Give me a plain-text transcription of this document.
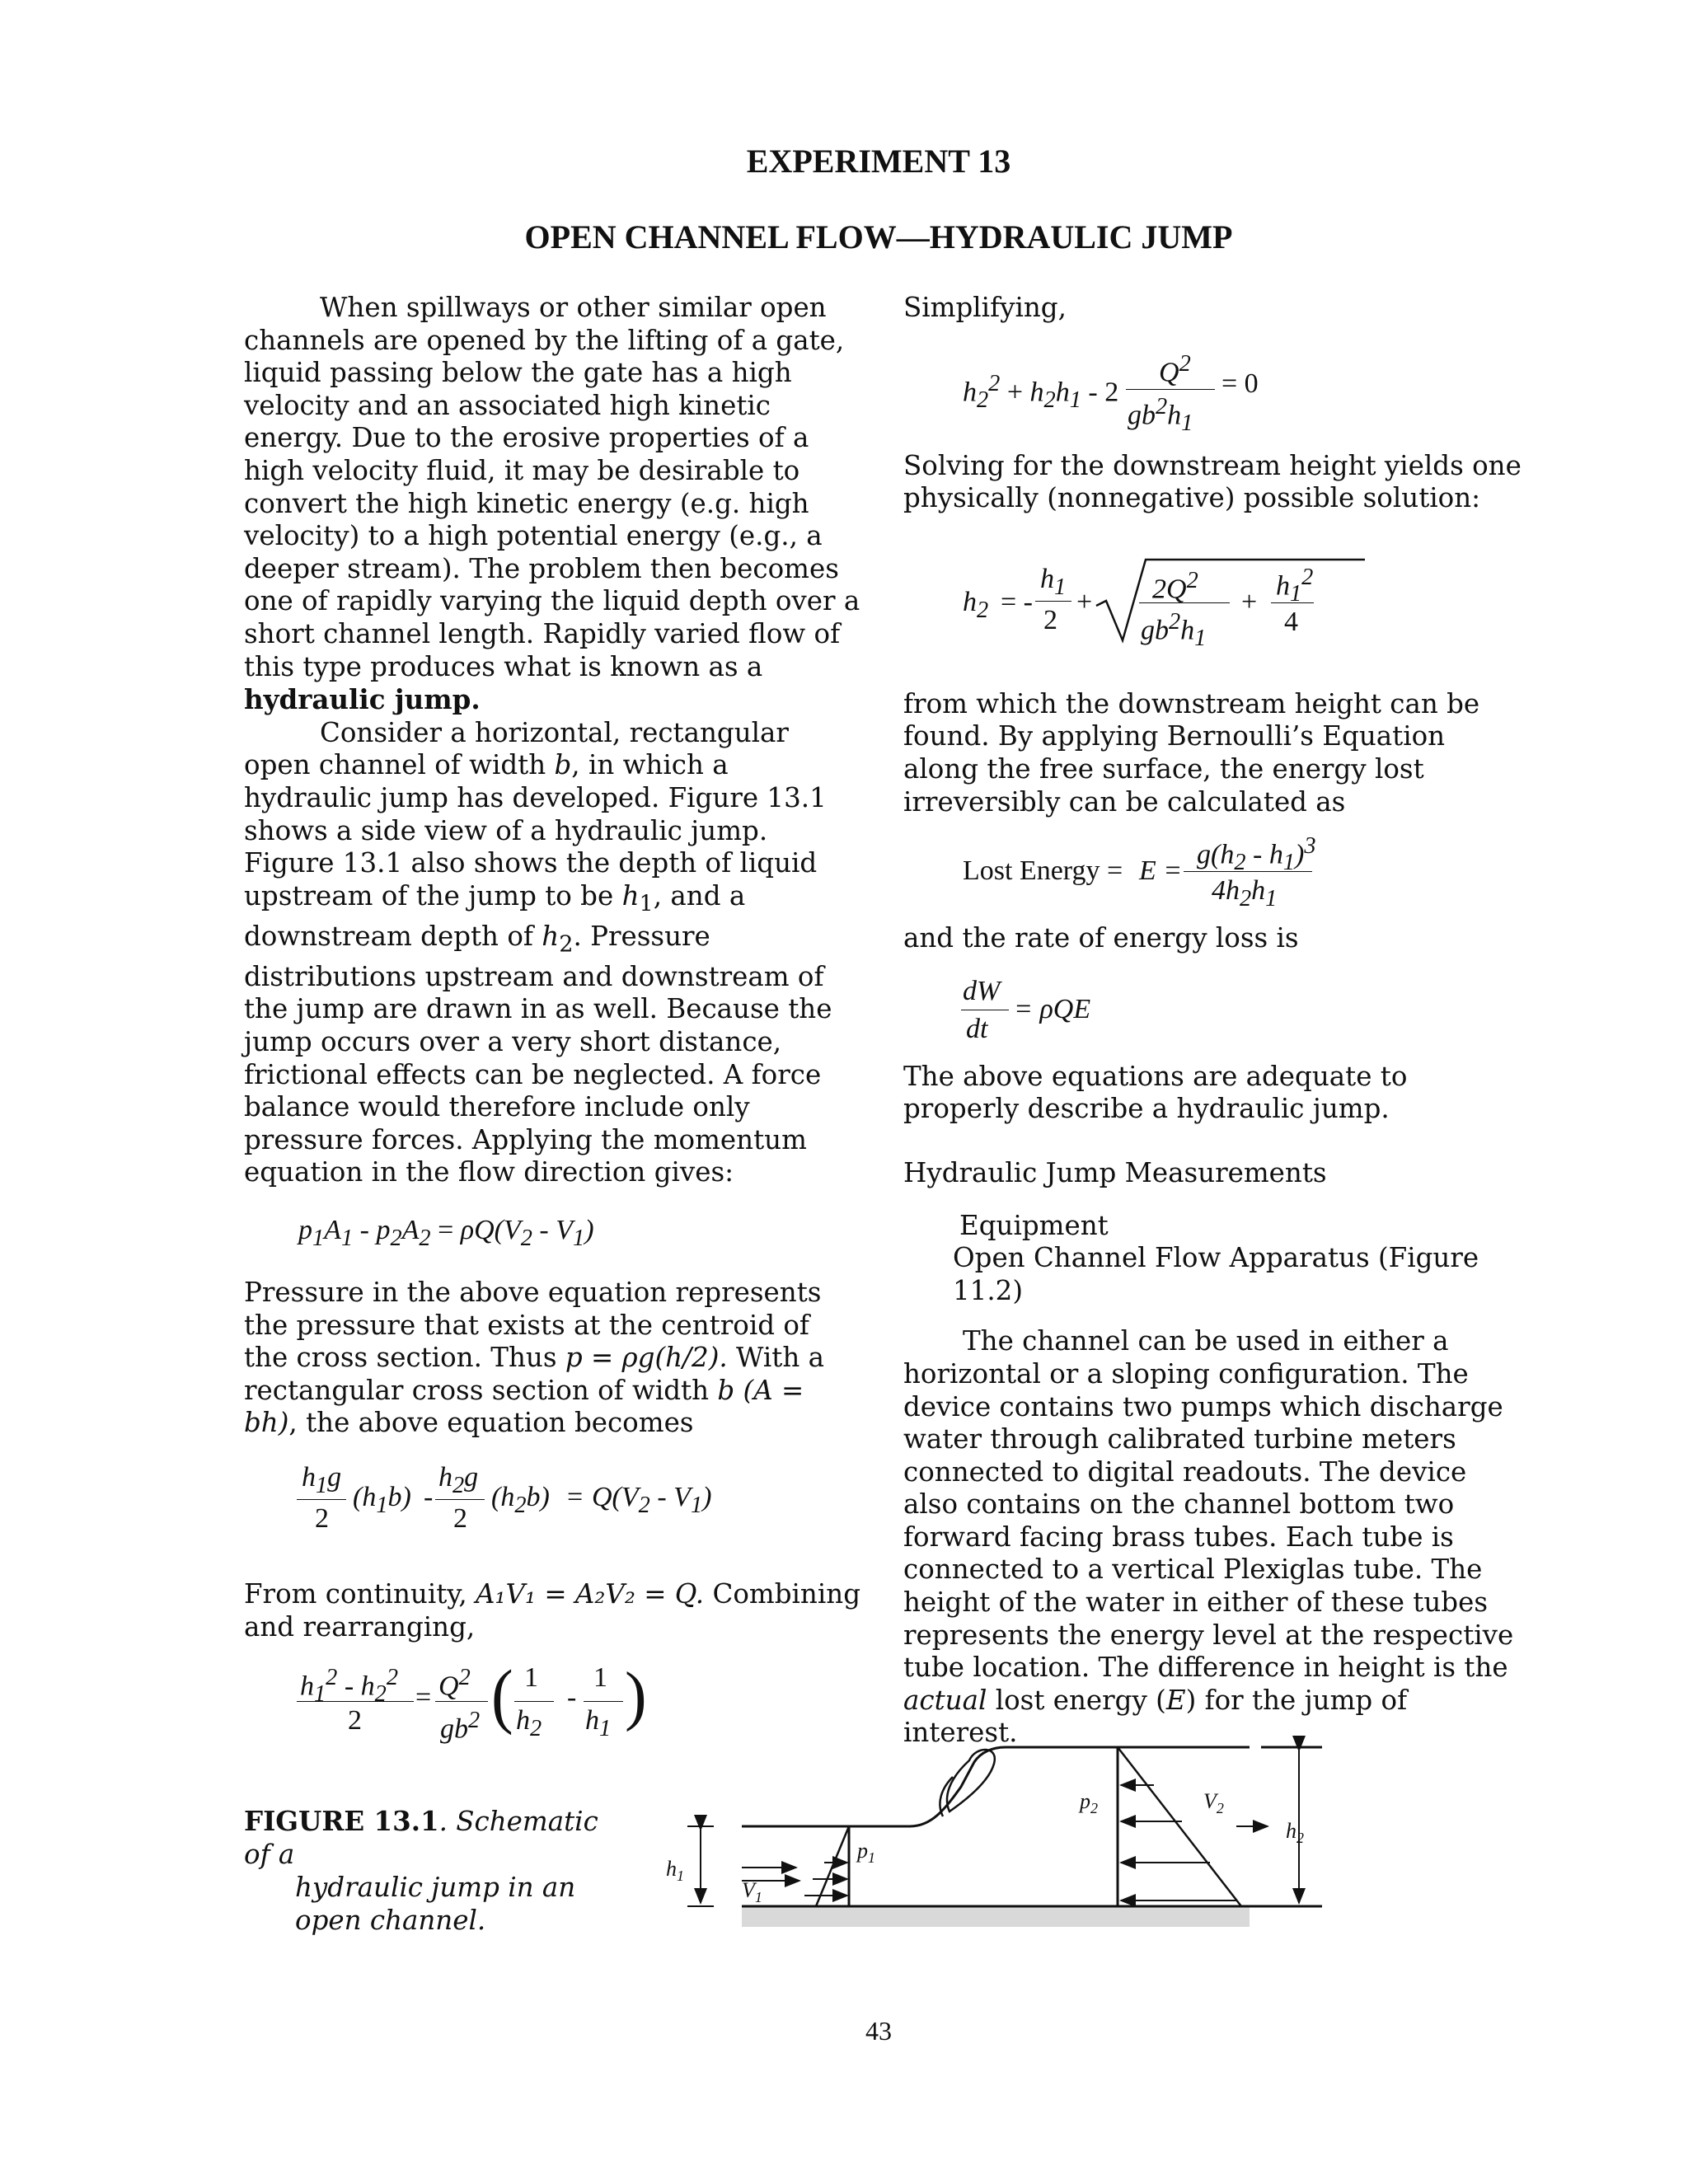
EXPERIMENT 13
OPEN CHANNEL FLOW—HYDRAULIC JUMP

When spillways or other similar open channels are opened by the lifting of a gate, liquid passing below the gate has a high velocity and an associated high kinetic energy. Due to the erosive properties of a high velocity fluid, it may be desirable to convert the high kinetic energy (e.g. high velocity) to a high potential energy (e.g., a deeper stream). The problem then becomes one of rapidly varying the liquid depth over a short channel length. Rapidly varied flow of this type produces what is known as a hydraulic jump.

Consider a horizontal, rectangular open channel of width b, in which a hydraulic jump has developed. Figure 13.1 shows a side view of a hydraulic jump. Figure 13.1 also shows the depth of liquid upstream of the jump to be $h_1$, and a downstream depth of $h_2$. Pressure distributions upstream and downstream of the jump are drawn in as well. Because the jump occurs over a very short distance, frictional effects can be neglected. A force balance would therefore include only pressure forces. Applying the momentum equation in the flow direction gives:

$p_1A_1 - p_2A_2 = \rho Q(V_2 - V_1)$

Pressure in the above equation represents the pressure that exists at the centroid of the cross section. Thus p = ρg(h/2). With a rectangular cross section of width b (A = bh), the above equation becomes

$h_1g$
2
$(h_1b)$ -
$h_2g$
2
$(h_2b) = Q(V_2 - V_1)$

From continuity, A₁V₁ = A₂V₂ = Q. Combining and rearranging,

$h_1^2 - h_2^2$
2
= $Q^2$
$gb^2$ ( 1
$h_2$
-
1
$h_1$ )

Simplifying,

$h_2^2 + h_2h_1 - 2$
$Q^2$
$gb^2h_1$
= 0

Solving for the downstream height yields one physically (nonnegative) possible solution:

$h_2$ = -
$h_1$
2
+ $2Q^2$
$gb^2h_1$
+
$h_1^2$
4

from which the downstream height can be found. By applying Bernoulli’s Equation along the free surface, the energy lost irreversibly can be calculated as

Lost Energy = E =
$g(h_2 - h_1)^3$
$4h_2h_1$

and the rate of energy loss is

dW
dt
= ρQE

The above equations are adequate to properly describe a hydraulic jump.

Hydraulic Jump Measurements

Equipment

Open Channel Flow Apparatus (Figure 11.2)

The channel can be used in either a horizontal or a sloping configuration. The device contains two pumps which discharge water through calibrated turbine meters connected to digital readouts. The device also contains on the channel bottom two forward facing brass tubes. Each tube is connected to a vertical Plexiglas tube. The height of the water in either of these tubes represents the energy level at the respective tube location. The difference in height is the actual lost energy (E) for the jump of interest.

FIGURE 13.1. Schematic of a
hydraulic jump in an open channel.
$h_1$
$V_1$
$p_1$
$p_2$	$V_2$
$h_2$
43
